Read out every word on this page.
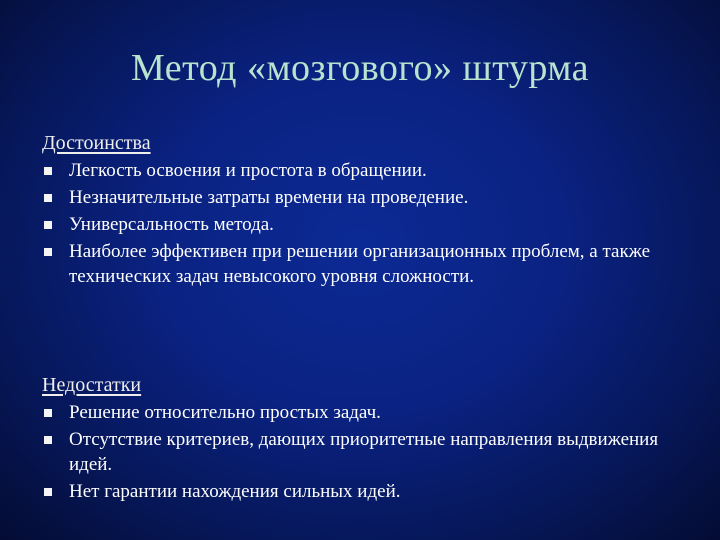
Метод «мозгового» штурма
Достоинства
Легкость освоения и простота в обращении.
Незначительные затраты времени на проведение.
Универсальность метода.
Наиболее эффективен при решении организационных проблем, а также технических задач невысокого уровня сложности.
Недостатки
Решение относительно простых задач.
Отсутствие критериев, дающих приоритетные направления выдвижения идей.
Нет гарантии нахождения сильных идей.
